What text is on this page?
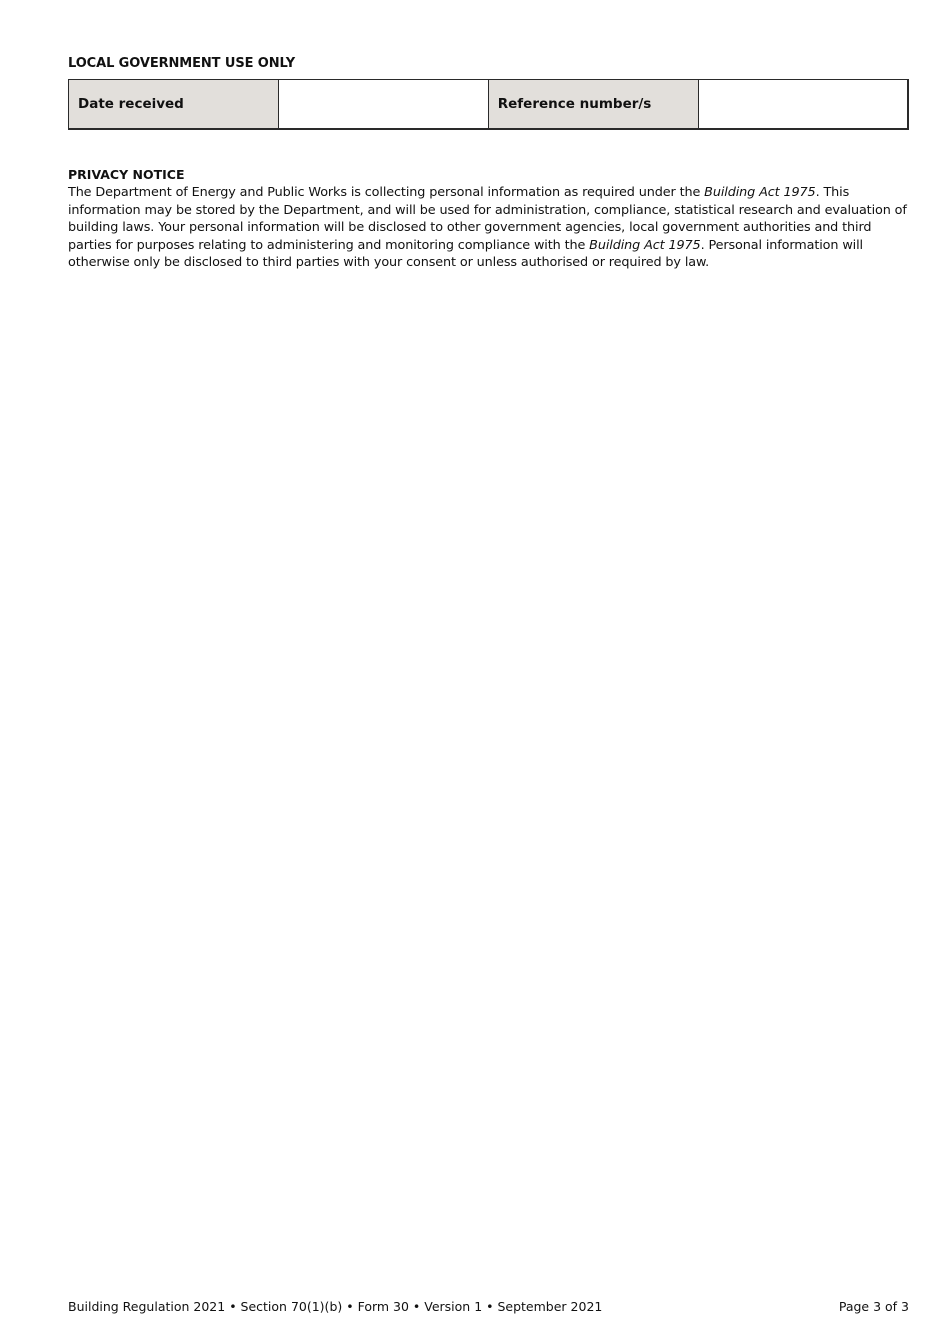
LOCAL GOVERNMENT USE ONLY
Date received		Reference number/s	
PRIVACY NOTICE
The Department of Energy and Public Works is collecting personal information as required under the Building Act 1975. This information may be stored by the Department, and will be used for administration, compliance, statistical research and evaluation of building laws. Your personal information will be disclosed to other government agencies, local government authorities and third parties for purposes relating to administering and monitoring compliance with the Building Act 1975. Personal information will otherwise only be disclosed to third parties with your consent or unless authorised or required by law.
Building Regulation 2021 • Section 70(1)(b) • Form 30 • Version 1 • September 2021	Page 3 of 3
